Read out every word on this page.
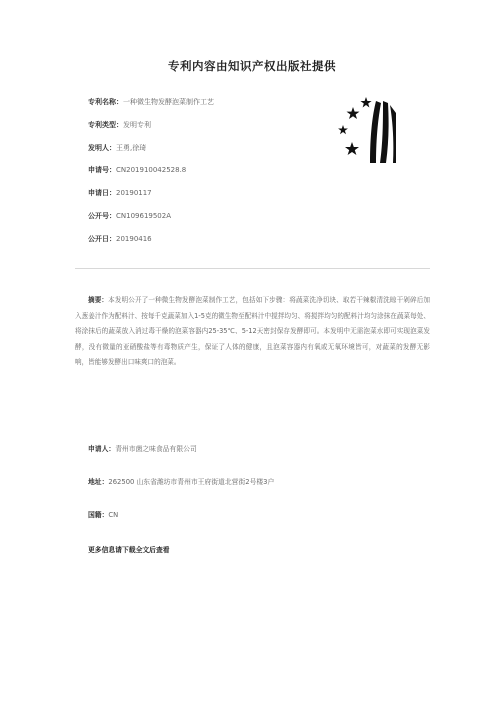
专利内容由知识产权出版社提供
专利名称：一种微生物发酵泡菜制作工艺
专利类型：发明专利
发明人：王勇,徐琦
申请号：CN201910042528.8
申请日：20190117
公开号：CN109619502A
公开日：20190416
摘要：本发明公开了一种微生物发酵泡菜制作工艺，包括如下步骤：将蔬菜洗净切块、取若干辣椒清洗晾干剁碎后加入葱姜汁作为配料汁、按每千克蔬菜加入1-5克的微生物至配料汁中搅拌均匀、将搅拌均匀的配料汁均匀涂抹在蔬菜每处、将涂抹后的蔬菜放入消过毒干燥的泡菜容器内25-35℃、5-12天密封保存发酵即可。本发明中无需泡菜水即可实现泡菜发酵，没有微量的亚硝酸盐等有毒物质产生，保证了人体的健康，且泡菜容器内有氧或无氧环境皆可，对蔬菜的发酵无影响，皆能够发酵出口味爽口的泡菜。
申请人：青州市菌之味食品有限公司
地址：262500 山东省潍坊市青州市王府街道北营街2号楼3户
国籍：CN
更多信息请下载全文后查看
